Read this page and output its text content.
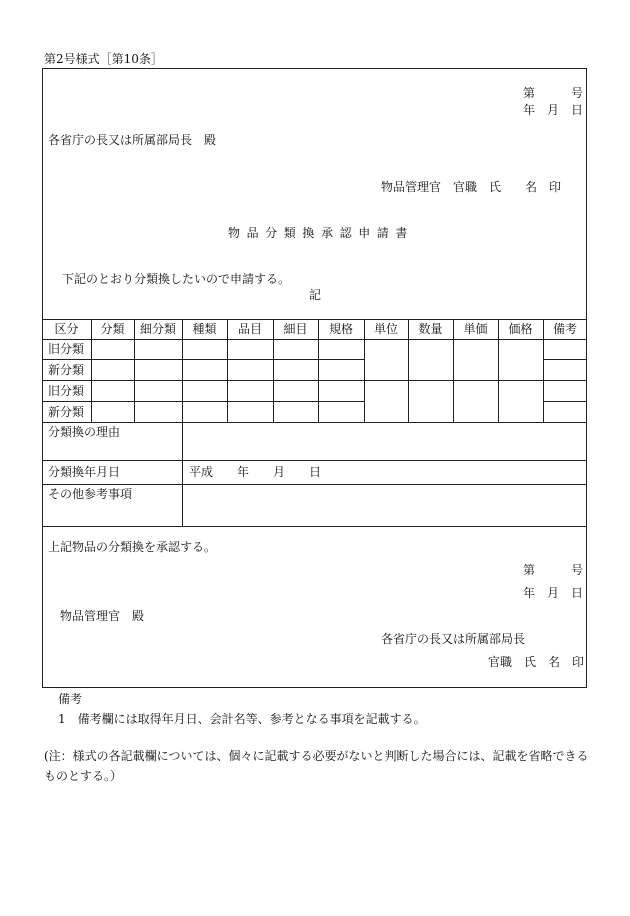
第2号様式［第10条］
第　　　号
年　月　日
各省庁の長又は所属部局長　殿
物品管理官　官職　氏　　名　印
物品分類換承認申請書
下記のとおり分類換したいので申請する。
記
区分	分類	細分類	種類	品目	細目	規格	単位	数量	単価	価格	備考
旧分類
新分類
旧分類
新分類
分類換の理由
分類換年月日	平成　　年　　月　　日
その他参考事項
上記物品の分類換を承認する。
第　　　号
年　月　日
物品管理官　殿
各省庁の長又は所属部局長
官職　氏　名　印
備考
1　備考欄には取得年月日、会計名等、参考となる事項を記載する。
(注：様式の各記載欄については、個々に記載する必要がないと判断した場合には、記載を省略できる
ものとする。）
